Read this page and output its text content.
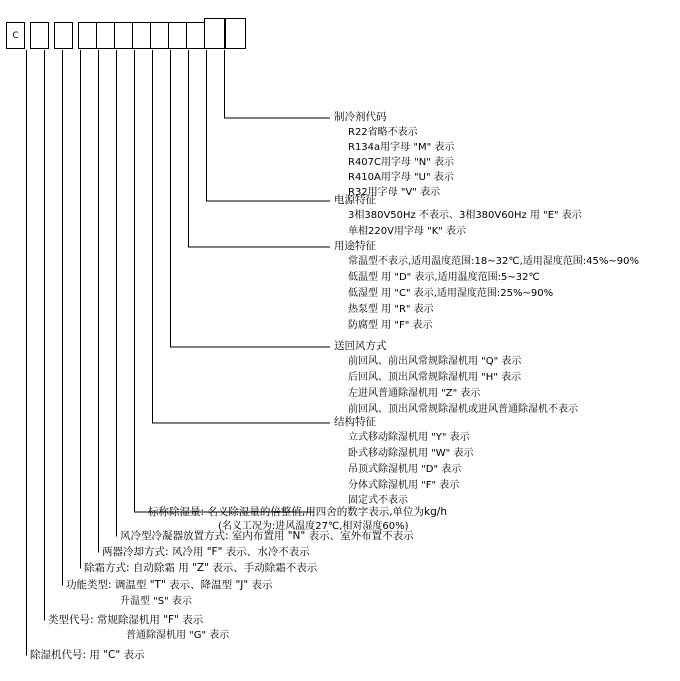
C
制冷剂代码
R22省略不表示
R134a用字母 "M" 表示
R407C用字母 "N" 表示
R410A用字母 "U" 表示
R32用字母 "V" 表示
电源特征
3相380V50Hz 不表示、3相380V60Hz 用 "E" 表示
单相220V用字母 "K" 表示
用途特征
常温型不表示,适用温度范围:18~32℃,适用湿度范围:45%~90%
低温型 用 "D" 表示,适用温度范围:5~32℃
低湿型 用 "C" 表示,适用湿度范围:25%~90%
热泵型 用 "R" 表示
防腐型 用 "F" 表示
送回风方式
前回风、前出风常规除湿机用 "Q" 表示
后回风、顶出风常规除湿机用 "H" 表示
左进风普通除湿机用 "Z" 表示
前回风、顶出风常规除湿机或进风普通除湿机不表示
结构特征
立式移动除湿机用 "Y" 表示
卧式移动除湿机用 "W" 表示
吊顶式除湿机用 "D" 表示
分体式除湿机用 "F" 表示
固定式不表示
标称除湿量: 名义除湿量的倍整值,用四舍的数字表示,单位为kg/h
(名义工况为:进风温度27℃,相对湿度60%)
风冷型冷凝器放置方式: 室内布置用 "N" 表示、室外布置不表示
两器冷却方式: 风冷用 "F" 表示、水冷不表示
除霜方式: 自动除霜 用 "Z" 表示、手动除霜不表示
功能类型: 调温型 "T" 表示、降温型 "J" 表示
升温型 "S" 表示
类型代号: 常规除湿机用 "F" 表示
普通除湿机用 "G" 表示
除湿机代号: 用 "C" 表示
